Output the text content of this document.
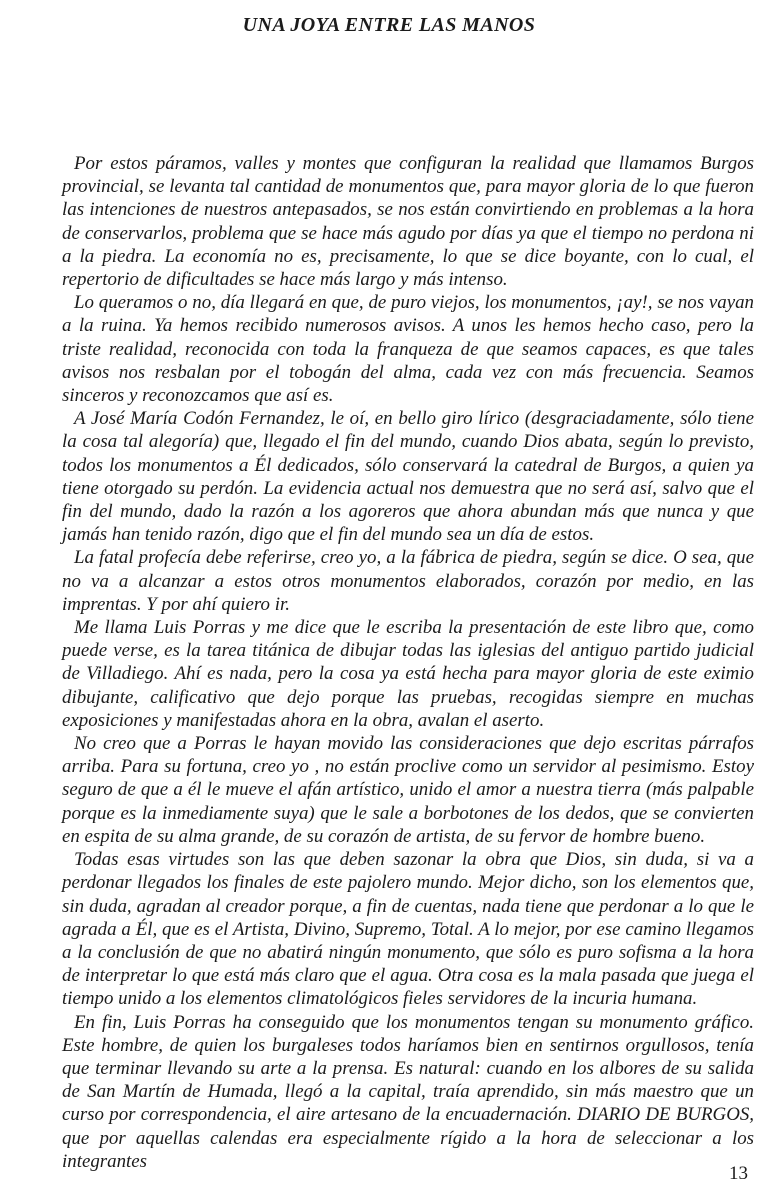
UNA JOYA ENTRE LAS MANOS

Por estos páramos, valles y montes que configuran la realidad que llamamos Burgos provincial, se levanta tal cantidad de monumentos que, para mayor gloria de lo que fueron las intenciones de nuestros antepasados, se nos están convirtiendo en problemas a la hora de conservarlos, problema que se hace más agudo por días ya que el tiempo no perdona ni a la piedra. La economía no es, precisamente, lo que se dice boyante, con lo cual, el repertorio de dificultades se hace más largo y más intenso.

Lo queramos o no, día llegará en que, de puro viejos, los monumentos, ¡ay!, se nos vayan a la ruina. Ya hemos recibido numerosos avisos. A unos les hemos hecho caso, pero la triste realidad, reconocida con toda la franqueza de que seamos capaces, es que tales avisos nos resbalan por el tobogán del alma, cada vez con más frecuencia. Seamos sinceros y reconozcamos que así es.

A José María Codón Fernandez, le oí, en bello giro lírico (desgraciadamente, sólo tiene la cosa tal alegoría) que, llegado el fin del mundo, cuando Dios abata, según lo previsto, todos los monumentos a Él dedicados, sólo conservará la catedral de Burgos, a quien ya tiene otorgado su perdón. La evidencia actual nos demuestra que no será así, salvo que el fin del mundo, dado la razón a los agoreros que ahora abundan más que nunca y que jamás han tenido razón, digo que el fin del mundo sea un día de estos.

La fatal profecía debe referirse, creo yo, a la fábrica de piedra, según se dice. O sea, que no va a alcanzar a estos otros monumentos elaborados, corazón por medio, en las imprentas. Y por ahí quiero ir.

Me llama Luis Porras y me dice que le escriba la presentación de este libro que, como puede verse, es la tarea titánica de dibujar todas las iglesias del antiguo partido judicial de Villadiego. Ahí es nada, pero la cosa ya está hecha para mayor gloria de este eximio dibujante, calificativo que dejo porque las pruebas, recogidas siempre en muchas exposiciones y manifestadas ahora en la obra, avalan el aserto.

No creo que a Porras le hayan movido las consideraciones que dejo escritas párrafos arriba. Para su fortuna, creo yo , no están proclive como un servidor al pesimismo. Estoy seguro de que a él le mueve el afán artístico, unido el amor a nuestra tierra (más palpable porque es la inmediamente suya) que le sale a borbotones de los dedos, que se convierten en espita de su alma grande, de su corazón de artista, de su fervor de hombre bueno.

Todas esas virtudes son las que deben sazonar la obra que Dios, sin duda, si va a perdonar llegados los finales de este pajolero mundo. Mejor dicho, son los elementos que, sin duda, agradan al creador porque, a fin de cuentas, nada tiene que perdonar a lo que le agrada a Él, que es el Artista, Divino, Supremo, Total. A lo mejor, por ese camino llegamos a la conclusión de que no abatirá ningún monumento, que sólo es puro sofisma a la hora de interpretar lo que está más claro que el agua. Otra cosa es la mala pasada que juega el tiempo unido a los elementos climatológicos fieles servidores de la incuria humana.

En fin, Luis Porras ha conseguido que los monumentos tengan su monumento gráfico. Este hombre, de quien los burgaleses todos haríamos bien en sentirnos orgullosos, tenía que terminar llevando su arte a la prensa. Es natural: cuando en los albores de su salida de San Martín de Humada, llegó a la capital, traía aprendido, sin más maestro que un curso por correspondencia, el aire artesano de la encuadernación. DIARIO DE BURGOS, que por aquellas calendas era especialmente rígido a la hora de seleccionar a los integrantes

13
